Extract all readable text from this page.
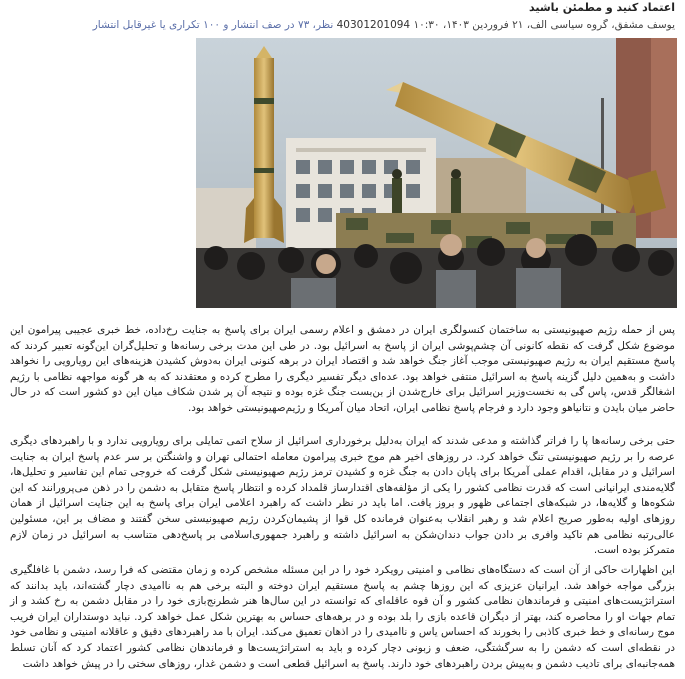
اعتماد کنید و مطمئن باشید
یوسف مشفق، گروه سیاسی الف، ۲۱ فروردین ۱۴۰۳، ۱۰:۳۰ 40301201094 نظر، ۷۳ در صف انتشار و ۱۰۰ تکراری یا غیرقابل انتشار
پس از حمله رژیم صهیونیستی به ساختمان کنسولگری ایران در دمشق و اعلام رسمی ایران برای پاسخ به جنایت رخ‌داده، خط خبری عجیبی پیرامون این موضوع شکل گرفت که نقطه کانونی آن چشم‌پوشی ایران از پاسخ به اسرائیل بود. در طی این مدت برخی رسانه‌ها و تحلیل‌گران این‌گونه تعبیر کردند که پاسخ مستقیم ایران به رژیم صهیونیستی موجب آغاز جنگ خواهد شد و اقتصاد ایران در برهه کنونی ایران به‌دوش کشیدن هزینه‌های این رویارویی را نخواهد داشت و به‌همین دلیل گزینه پاسخ به اسرائیل منتفی خواهد بود. عده‌ای دیگر تفسیر دیگری را مطرح کرده و معتقدند که به هر گونه مواجهه نظامی با رژیم اشغالگر قدس، پاس گی به نخست‌وزیر اسرائیل برای خارج‌شدن از بن‌بست جنگ غزه بوده و نتیجه آن پر شدن شکاف میان این دو کشور است که در حال حاضر میان بایدن و نتانیاهو وجود دارد و فرجام پاسخ نظامی ایران، اتحاد میان آمریکا و رژیم‌صهیونیستی خواهد بود.
حتی برخی رسانه‌ها پا را فراتر گذاشته و مدعی شدند که ایران به‌دلیل برخورداری اسرائیل از سلاح اتمی تمایلی برای رویارویی ندارد و با راهبردهای دیگری عرصه را بر رژیم صهیونیستی تنگ خواهد کرد. در روزهای اخیر هم موج خبری پیرامون معامله احتمالی تهران و واشنگتن بر سر عدم پاسخ ایران به جنایت اسرائیل و در مقابل، اقدام عملی آمریکا برای پایان دادن به جنگ غزه و کشیدن ترمز رژیم صهیونیستی شکل گرفت که خروجی تمام این تفاسیر و تحلیل‌ها، گلایه‌مندی ایرانیانی است که قدرت نظامی کشور را یکی از مؤلفه‌های اقتدارساز قلمداد کرده و انتظار پاسخ متقابل به دشمن را در ذهن می‌پرورانند که این شکوه‌ها و گلایه‌ها، در شبکه‌های اجتماعی ظهور و بروز یافت. اما باید در نظر داشت که راهبرد اعلامی ایران برای پاسخ به این جنایت اسرائیل از همان روزهای اولیه به‌طور صریح اعلام شد و رهبر انقلاب به‌عنوان فرمانده کل قوا از پشیمان‌کردن رژیم صهیونیستی سخن گفتند و مضاف بر این، مسئولین عالی‌رتبه نظامی هم تاکید وافری بر دادن جواب دندان‌شکن به اسرائیل داشته و راهبرد جمهوری‌اسلامی بر پاسخ‌دهی متناسب به اسرائیل در زمان لازم متمرکز بوده است.
این اظهارات حاکی از آن است که دستگاه‌های نظامی و امنیتی رویکرد خود را در این مسئله مشخص کرده و زمان مقتضی که فرا رسد، دشمن با غافلگیری بزرگی مواجه خواهد شد. ایرانیان عزیزی که این روزها چشم به پاسخ مستقیم ایران دوخته و البته برخی هم به ناامیدی دچار گشته‌اند، باید بدانند که استراتژیست‌های امنیتی و فرماندهان نظامی کشور و آن قوه عاقله‌ای که توانسته در این سال‌ها هنر شطرنج‌بازی خود را در مقابل دشمن به رخ کشد و از تمام جهات او را محاصره کند، بهتر از دیگران قاعده بازی را بلد بوده و در برهه‌های حساس به بهترین شکل عمل خواهد کرد. نباید دوستداران ایران فریب موج رسانه‌ای و خط خبری کاذبی را بخورند که احساس یاس و ناامیدی را در اذهان تعمیق می‌کند. ایران با مد راهبردهای دقیق و عاقلانه امنیتی و نظامی خود در نقطه‌ای است که دشمن را به سرگشتگی، ضعف و زبونی دچار کرده و باید به استراتژیست‌ها و فرماندهان نظامی کشور اعتماد کرد که آنان تسلط همه‌جانبه‌ای برای تادیب دشمن و به‌پیش بردن راهبردهای خود دارند. پاسخ به اسرائیل قطعی است و دشمن غدار، روزهای سختی را در پیش خواهد داشت
